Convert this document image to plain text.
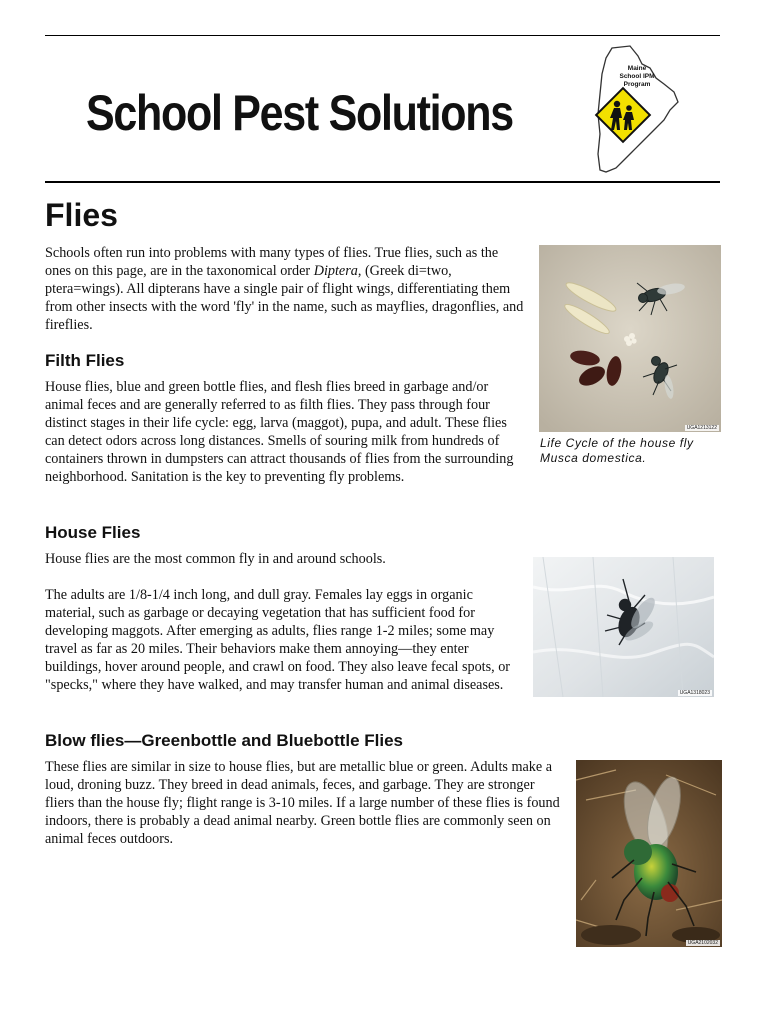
School Pest Solutions
Maine
School IPM
Program
Flies

Schools often run into problems with many types of flies. True flies, such as the ones on this page, are in the taxonomical order Diptera, (Greek di=two, ptera=wings). All dipterans have a single pair of flight wings, differentiating them from other insects with the word 'fly' in the name, such as mayflies, dragonflies, and fireflies.

UGA1213122
Life Cycle of the house fly
Musca domestica.
Filth Flies

House flies, blue and green bottle flies, and flesh flies breed in garbage and/or animal feces and are generally referred to as filth flies. They pass through four distinct stages in their life cycle: egg, larva (maggot), pupa, and adult. These flies can detect odors across long distances. Smells of souring milk from hundreds of containers thrown in dumpsters can attract thousands of flies from the surrounding neighborhood. Sanitation is the key to preventing fly problems.

House Flies

House flies are the most common fly in and around schools.

The adults are 1/8-1/4 inch long, and dull gray. Females lay eggs in organic material, such as garbage or decaying vegetation that has sufficient food for developing maggots. After emerging as adults, flies range 1-2 miles; some may travel as far as 20 miles. Their behaviors make them annoying—they enter buildings, hover around people, and crawl on food. They also leave fecal spots, or "specks," where they have walked, and may transfer human and animal diseases.	UGA1318023
Blow flies—Greenbottle and Bluebottle Flies

These flies are similar in size to house flies, but are metallic blue or green. Adults make a loud, droning buzz. They breed in dead animals, feces, and garbage. They are stronger fliers than the house fly; flight range is 3-10 miles. If a large number of these flies is found indoors, there is probably a dead animal nearby. Green bottle flies are commonly seen on animal feces outdoors.

UGA2102032
